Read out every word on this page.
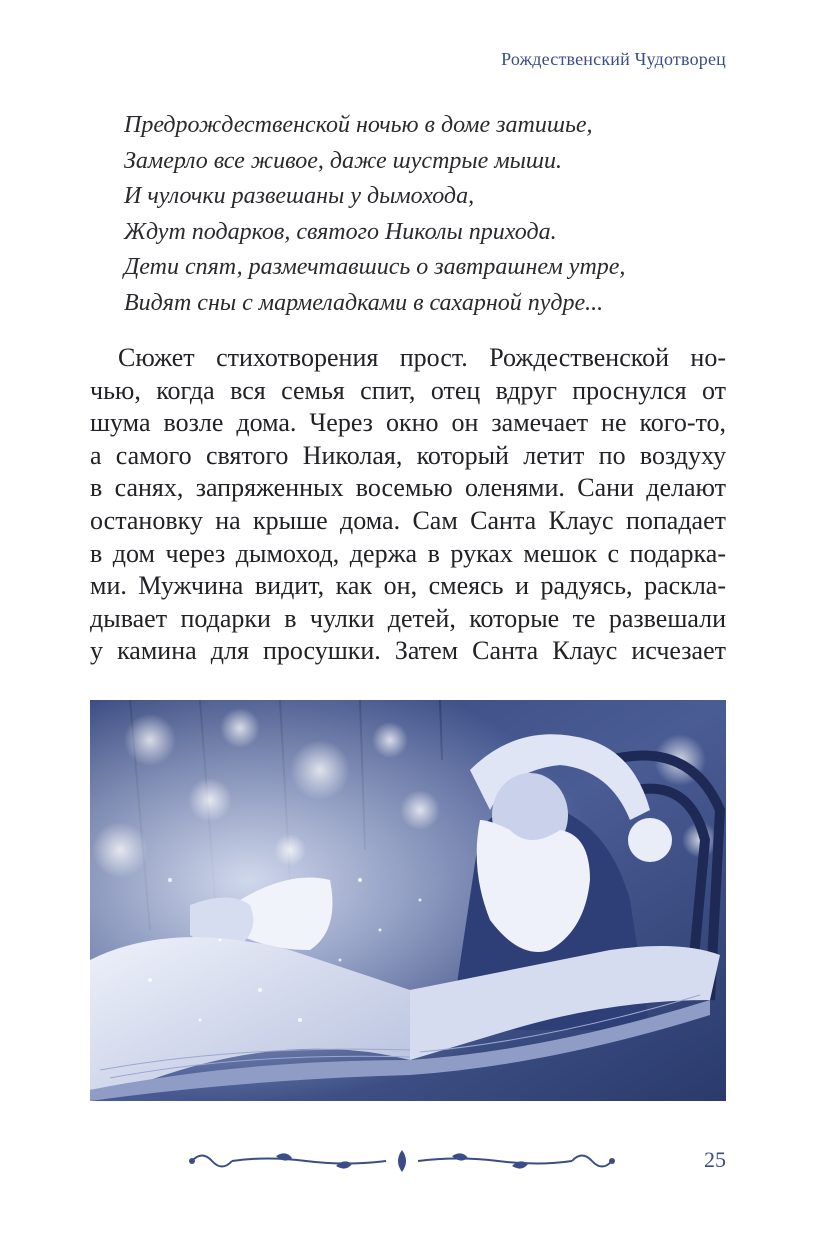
Рождественский Чудотворец
Предрождественской ночью в доме затишье,
Замерло все живое, даже шустрые мыши.
И чулочки развешаны у дымохода,
Ждут подарков, святого Николы прихода.
Дети спят, размечтавшись о завтрашнем утре,
Видят сны с мармеладками в сахарной пудре...
Сюжет стихотворения прост. Рождественской но-
чью, когда вся семья спит, отец вдруг проснулся от
шума возле дома. Через окно он замечает не кого-то,
а самого святого Николая, который летит по воздуху
в санях, запряженных восемью оленями. Сани делают
остановку на крыше дома. Сам Санта Клаус попадает
в дом через дымоход, держа в руках мешок с подарка-
ми. Мужчина видит, как он, смеясь и радуясь, раскла-
дывает подарки в чулки детей, которые те развешали
у камина для просушки. Затем Санта Клаус исчезает
25
